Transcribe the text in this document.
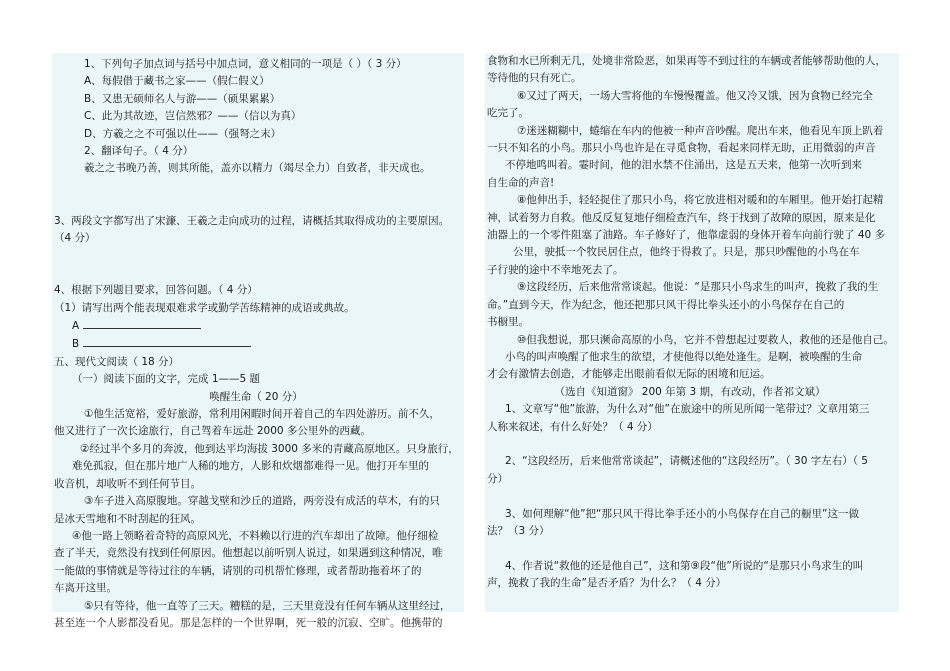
1、下列句子加点词与括号中加点词，意义相同的一项是（ ）（ 3 分）
A、每假借于藏书之家——（假仁假义）
B、又患无硕师名人与游——（硕果累累）
C、此为其故迹，岂信然邪？——（信以为真）
D、方羲之之不可强以仕——（强弩之末）
2、翻译句子。（ 4 分）
羲之之书晚乃善，则其所能，盖亦以精力（竭尽全力）自致者，非天成也。
3、两段文字都写出了宋濂、王羲之走向成功的过程，请概括其取得成功的主要原因。
（4 分）
4、根据下列题目要求，回答问题。（ 4 分）
（1）请写出两个能表现艰难求学或勤学苦练精神的成语或典故。
A
B
五、现代文阅读（ 18 分）
（一）阅读下面的文字，完成 1——5 题
唤醒生命（ 20 分）
①他生活宽裕，爱好旅游，常利用闲暇时间开着自己的车四处游历。前不久，
他又进行了一次长途旅行，自己驾着车远赴 2000 多公里外的西藏。
②经过半个多月的奔波，他到达平均海拔 3000 多米的青藏高原地区。只身旅行，
难免孤寂，但在那片地广人稀的地方，人影和炊烟都难得一见。他打开车里的
收音机，却收听不到任何节目。
③车子进入高原腹地。穿越戈壁和沙丘的道路，两旁没有成活的草木，有的只
是冰天雪地和不时刮起的狂风。
④他一路上领略着奇特的高原风光，不料赖以行进的汽车却出了故障。他仔细检
查了半天，竟然没有找到任何原因。他想起以前听别人说过，如果遇到这种情况，唯
一能做的事情就是等待过往的车辆，请别的司机帮忙修理，或者帮助拖着坏了的
车离开这里。
⑤只有等待，他一直等了三天。糟糕的是，三天里竟没有任何车辆从这里经过，
甚至连一个人影都没看见。那是怎样的一个世界啊，死一般的沉寂、空旷。他携带的
食物和水已所剩无几，处境非常险恶，如果再等不到过往的车辆或者能够帮助他的人，
等待他的只有死亡。
⑥又过了两天，一场大雪将他的车慢慢覆盖。他又冷又饿，因为食物已经完全
吃完了。
⑦迷迷糊糊中，蜷缩在车内的他被一种声音吵醒。爬出车来，他看见车顶上趴着
一只不知名的小鸟。那只小鸟也许是在寻觅食物，看起来同样无助，正用微弱的声音
不停地鸣叫着。霎时间，他的泪水禁不住涌出，这是五天来，他第一次听到来
自生命的声音!
⑧他伸出手，轻轻捉住了那只小鸟，将它放进相对暖和的车厢里。他开始打起精
神，试着努力自救。他反反复复地仔细检查汽车，终于找到了故障的原因，原来是化
油器上的一个零件阻塞了油路。车子修好了，他靠虚弱的身体开着车向前行驶了 40 多
公里，驶抵一个牧民居住点，他终于得救了。只是，那只吵醒他的小鸟在车
子行驶的途中不幸地死去了。
⑨这段经历，后来他常常谈起。他说：“是那只小鸟求生的叫声，挽救了我的生
命。”直到今天，作为纪念，他还把那只风干得比拳头还小的小鸟保存在自己的
书橱里。
⑩但我想说，那只濒命高原的小鸟，它并不曾想起过要救人，救他的还是他自己。
小鸟的叫声唤醒了他求生的欲望，才使他得以绝处逢生。是啊，被唤醒的生命
才会有激情去创造，才能够走出眼前看似无际的困境和厄运。
（选自《知道窗》 200 年第 3 期，有改动，作者祁文斌）
1、文章写“他”旅游，为什么对“他”在旅途中的所见所闻一笔带过？文章用第三
人称来叙述，有什么好处？（ 4 分）
2、“这段经历，后来他常常谈起”，请概述他的“这段经历”。（ 30 字左右）（ 5
分）
3、如何理解“他”把“那只风干得比拳手还小的小鸟保存在自己的橱里”这一做
法？（3 分）
4、作者说“救他的还是他自己”，这和第⑨段“他”所说的“是那只小鸟求生的叫
声，挽救了我的生命”是否矛盾？为什么？（ 4 分）
